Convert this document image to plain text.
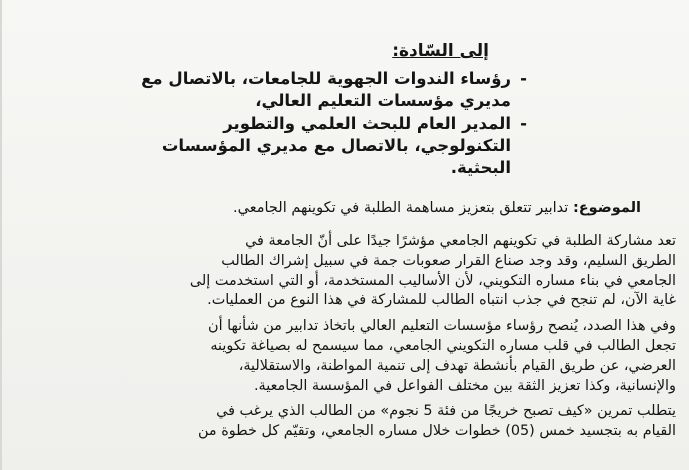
إلى السّادة:
-
رؤساء الندوات الجهوية للجامعات، بالاتصال مع
مديري مؤسسات التعليم العالي،
-
المدير العام للبحث العلمي والتطوير
التكنولوجي، بالاتصال مع مديري المؤسسات
البحثية.
الموضوع: تدابير تتعلق بتعزيز مساهمة الطلبة في تكوينهم الجامعي.

تعد مشاركة الطلبة في تكوينهم الجامعي مؤشرًا جيدًا على أنّ الجامعة في
الطريق السليم، وقد وجد صناع القرار صعوبات جمة في سبيل إشراك الطالب
الجامعي في بناء مساره التكويني، لأن الأساليب المستخدمة، أو التي استخدمت إلى
غاية الآن، لم تنجح في جذب انتباه الطالب للمشاركة في هذا النوع من العمليات.

وفي هذا الصدد، يُنصح رؤساء مؤسسات التعليم العالي باتخاذ تدابير من شأنها أن
تجعل الطالب في قلب مساره التكويني الجامعي، مما سيسمح له بصياغة تكوينه
العرضي، عن طريق القيام بأنشطة تهدف إلى تنمية المواطنة، والاستقلالية،
والإنسانية، وكذا تعزيز الثقة بين مختلف الفواعل في المؤسسة الجامعية.

يتطلب تمرين «كيف تصبح خريجًا من فئة 5 نجوم» من الطالب الذي يرغب في
القيام به بتجسيد خمس (05) خطوات خلال مساره الجامعي، وتقيّم كل خطوة من
